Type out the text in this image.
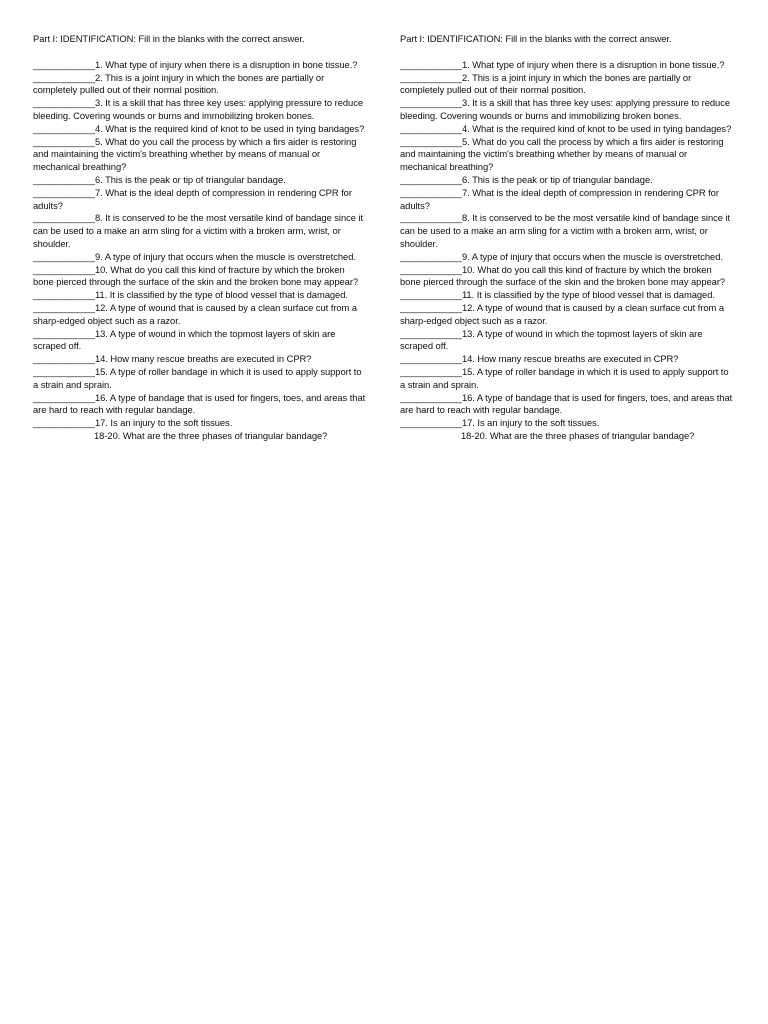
Part I: IDENTIFICATION: Fill in the blanks with the correct answer.

____________1. What type of injury when there is a disruption in bone tissue.?

____________2. This is a joint injury in which the bones are partially or completely pulled out of their normal position.

____________3. It is a skill that has three key uses: applying pressure to reduce bleeding. Covering wounds or burns and immobilizing broken bones.

____________4. What is the required kind of knot to be used in tying bandages?

____________5. What do you call the process by which a firs aider is restoring and maintaining the victim's breathing whether by means of manual or mechanical breathing?

____________6. This is the peak or tip of triangular bandage.

____________7. What is the ideal depth of compression in rendering CPR for adults?

____________8. It is conserved to be the most versatile kind of bandage since it can be used to a make an arm sling for a victim with a broken arm, wrist, or shoulder.

____________9. A type of injury that occurs when the muscle is overstretched.

____________10. What do you call this kind of fracture by which the broken bone pierced through the surface of the skin and the broken bone may appear?

____________11. It is classified by the type of blood vessel that is damaged.

____________12. A type of wound that is caused by a clean surface cut from a sharp-edged object such as a razor.

____________13. A type of wound in which the topmost layers of skin are scraped off.

____________14. How many rescue breaths are executed in CPR?

____________15. A type of roller bandage in which it is used to apply support to a strain and sprain.

____________16. A type of bandage that is used for fingers, toes, and areas that are hard to reach with regular bandage.

____________17. Is an injury to the soft tissues.

18-20. What are the three phases of triangular bandage?

________________________________________________________________

Part I: IDENTIFICATION: Fill in the blanks with the correct answer.

____________1. What type of injury when there is a disruption in bone tissue.?

____________2. This is a joint injury in which the bones are partially or completely pulled out of their normal position.

____________3. It is a skill that has three key uses: applying pressure to reduce bleeding. Covering wounds or burns and immobilizing broken bones.

____________4. What is the required kind of knot to be used in tying bandages?

____________5. What do you call the process by which a firs aider is restoring and maintaining the victim's breathing whether by means of manual or mechanical breathing?

____________6. This is the peak or tip of triangular bandage.

____________7. What is the ideal depth of compression in rendering CPR for adults?

____________8. It is conserved to be the most versatile kind of bandage since it can be used to a make an arm sling for a victim with a broken arm, wrist, or shoulder.

____________9. A type of injury that occurs when the muscle is overstretched.

____________10. What do you call this kind of fracture by which the broken bone pierced through the surface of the skin and the broken bone may appear?

____________11. It is classified by the type of blood vessel that is damaged.

____________12. A type of wound that is caused by a clean surface cut from a sharp-edged object such as a razor.

____________13. A type of wound in which the topmost layers of skin are scraped off.

____________14. How many rescue breaths are executed in CPR?

____________15. A type of roller bandage in which it is used to apply support to a strain and sprain.

____________16. A type of bandage that is used for fingers, toes, and areas that are hard to reach with regular bandage.

____________17. Is an injury to the soft tissues.

18-20. What are the three phases of triangular bandage?

________________________________________________________________
